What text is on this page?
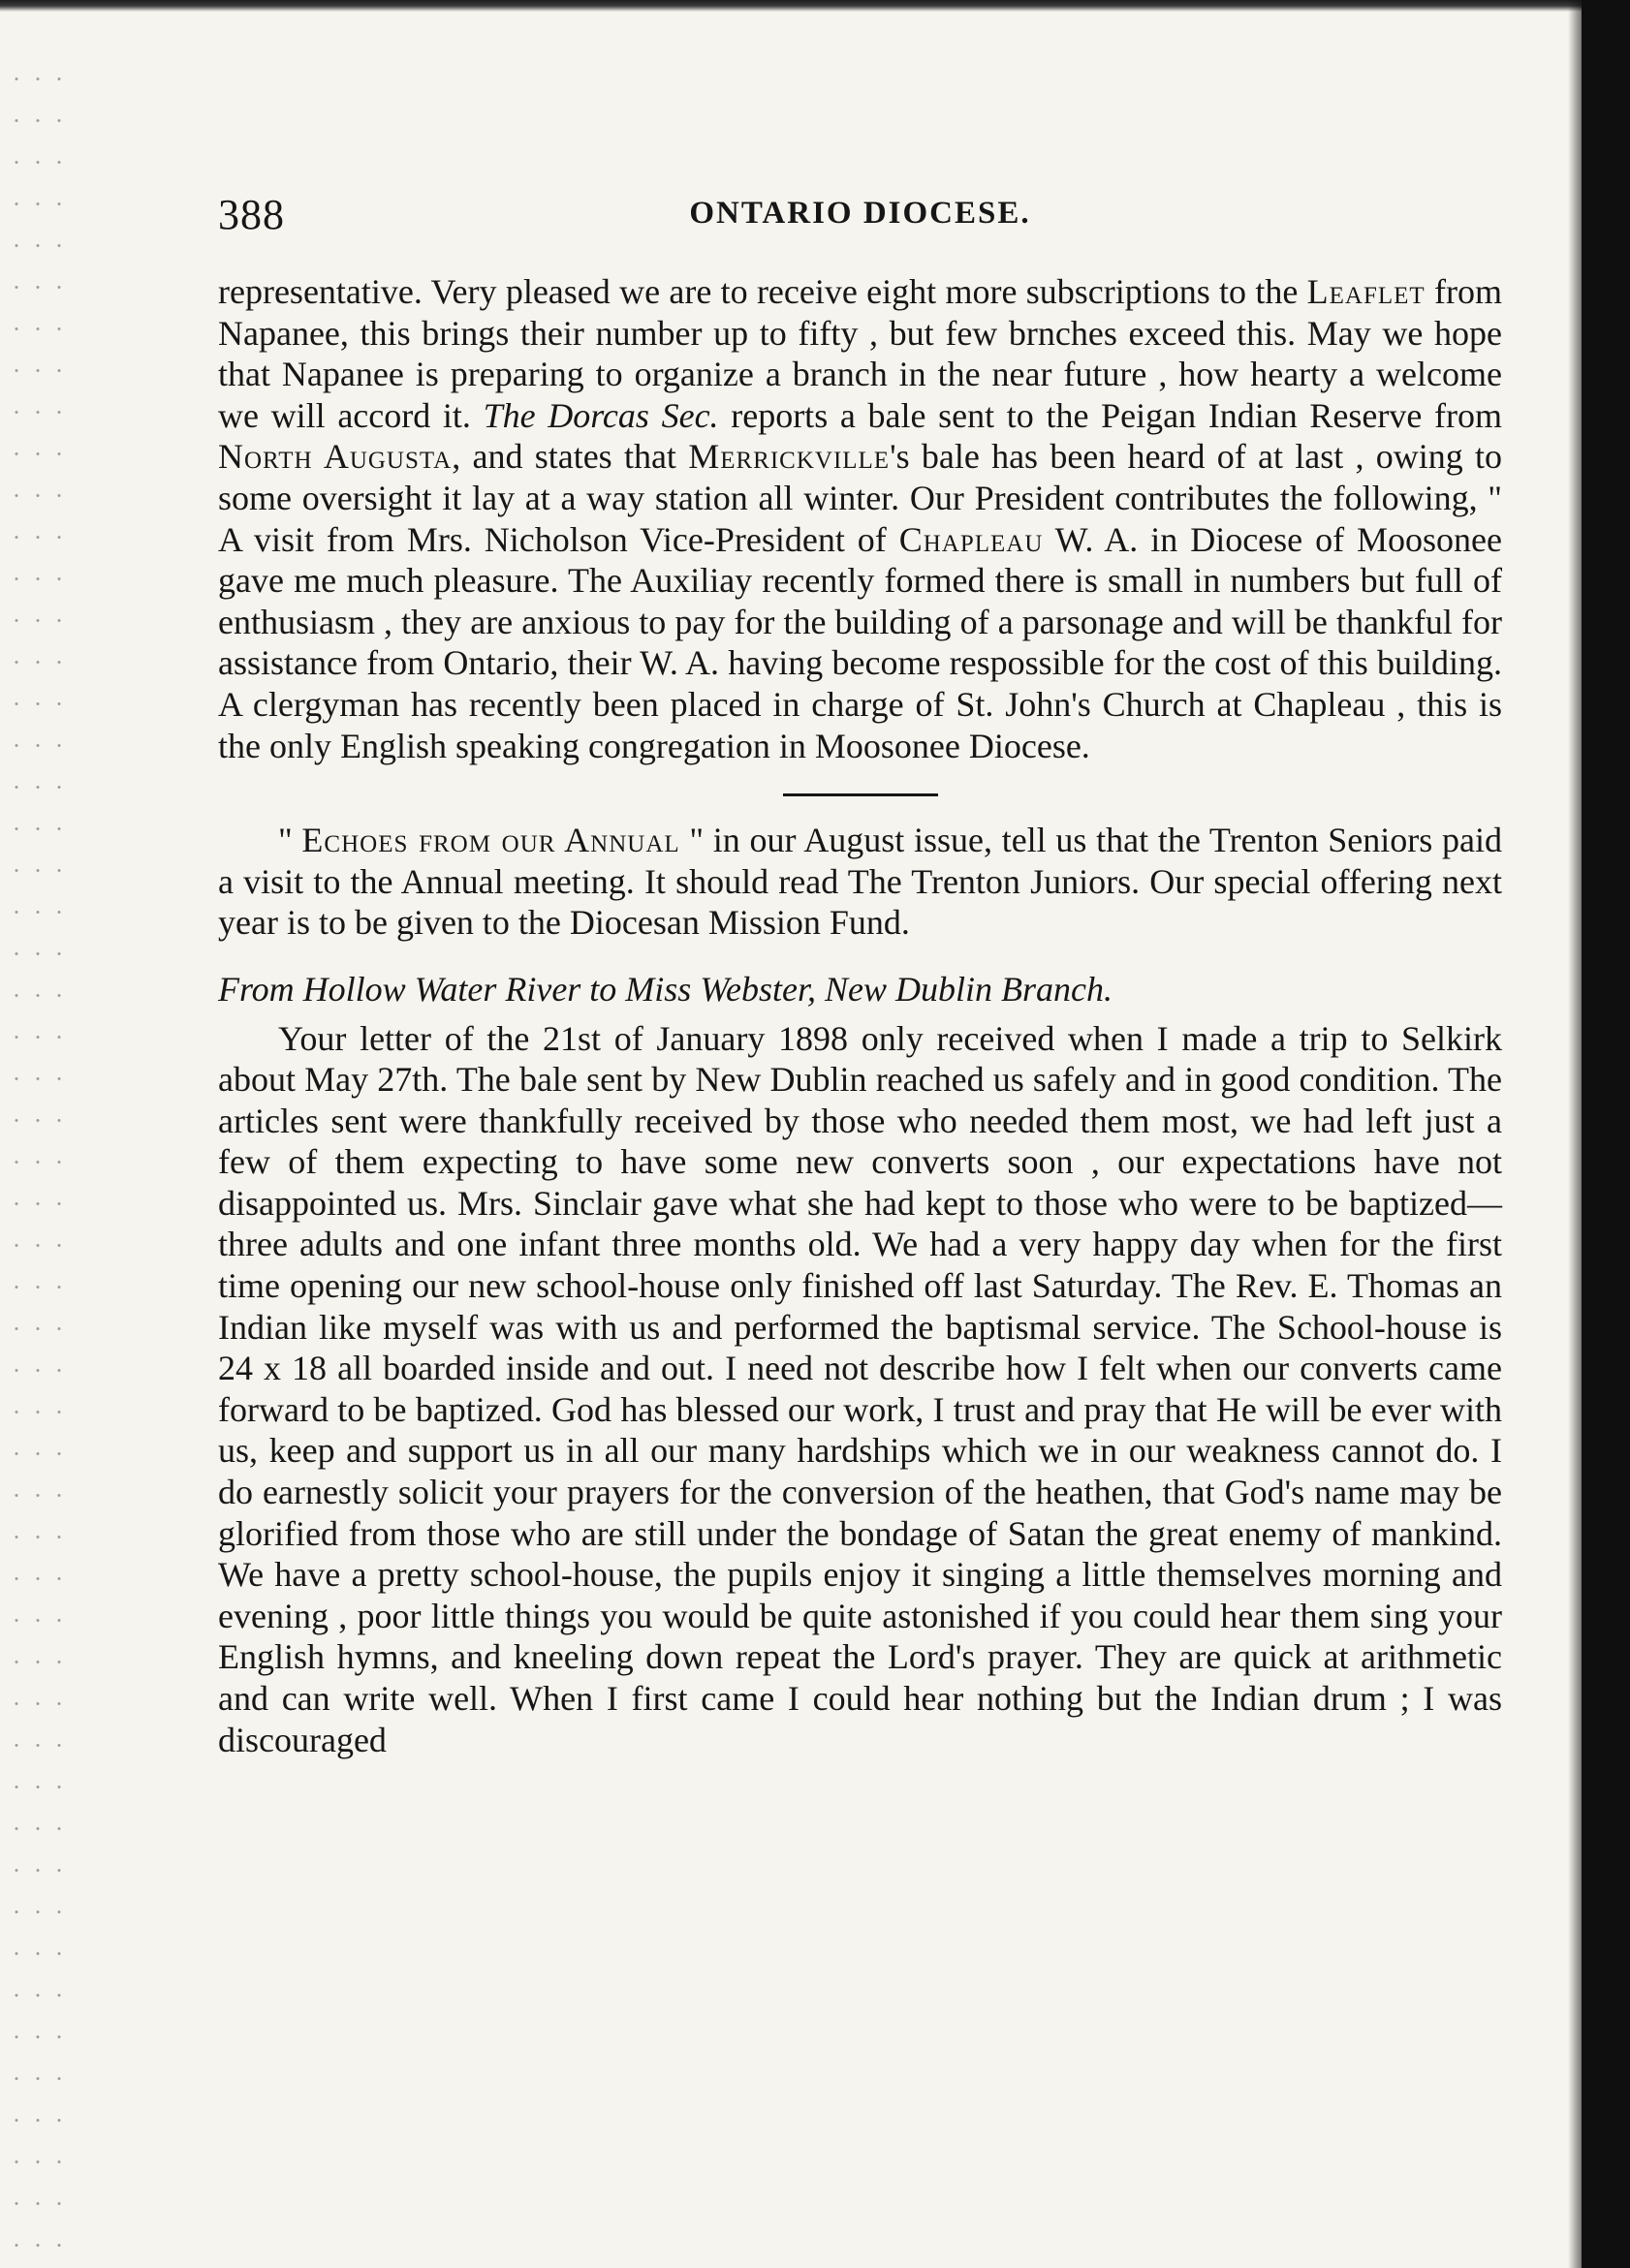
388	ONTARIO DIOCESE.

representative. Very pleased we are to receive eight more subscriptions to the Leaflet from Napanee, this brings their number up to fifty , but few brnches exceed this. May we hope that Napanee is preparing to organize a branch in the near future , how hearty a welcome we will accord it. The Dorcas Sec. reports a bale sent to the Peigan Indian Reserve from North Augusta, and states that Merrickville's bale has been heard of at last , owing to some oversight it lay at a way station all winter. Our President contributes the following, " A visit from Mrs. Nicholson Vice-President of Chapleau W. A. in Diocese of Moosonee gave me much pleasure. The Auxiliay recently formed there is small in numbers but full of enthusiasm , they are anxious to pay for the building of a parsonage and will be thankful for assistance from Ontario, their W. A. having become respossible for the cost of this building. A clergyman has recently been placed in charge of St. John's Church at Chapleau , this is the only English speaking congregation in Moosonee Diocese.

" Echoes from our Annual " in our August issue, tell us that the Trenton Seniors paid a visit to the Annual meeting. It should read The Trenton Juniors. Our special offering next year is to be given to the Diocesan Mission Fund.

From Hollow Water River to Miss Webster, New Dublin Branch.

Your letter of the 21st of January 1898 only received when I made a trip to Selkirk about May 27th. The bale sent by New Dublin reached us safely and in good condition. The articles sent were thankfully received by those who needed them most, we had left just a few of them expecting to have some new converts soon , our expectations have not disappointed us. Mrs. Sinclair gave what she had kept to those who were to be baptized—three adults and one infant three months old. We had a very happy day when for the first time opening our new school-house only finished off last Saturday. The Rev. E. Thomas an Indian like myself was with us and performed the baptismal service. The School-house is 24 x 18 all boarded inside and out. I need not describe how I felt when our converts came forward to be baptized. God has blessed our work, I trust and pray that He will be ever with us, keep and support us in all our many hardships which we in our weakness cannot do. I do earnestly solicit your prayers for the conversion of the heathen, that God's name may be glorified from those who are still under the bondage of Satan the great enemy of mankind. We have a pretty school-house, the pupils enjoy it singing a little themselves morning and evening , poor little things you would be quite astonished if you could hear them sing your English hymns, and kneeling down repeat the Lord's prayer. They are quick at arithmetic and can write well. When I first came I could hear nothing but the Indian drum ; I was discouraged
